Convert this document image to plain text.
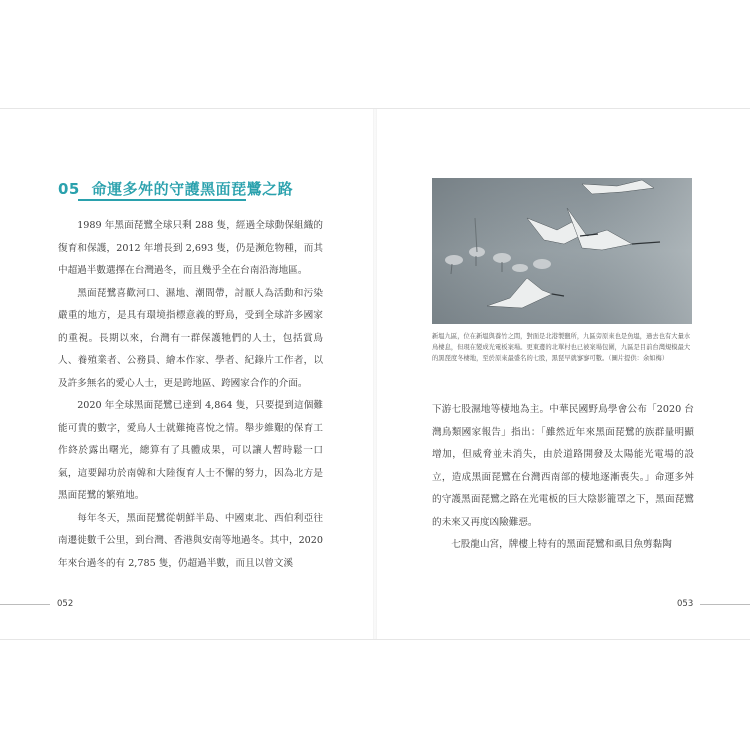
05 命運多舛的守護黑面琵鷺之路

1989 年黑面琵鷺全球只剩 288 隻，經過全球動保組織的復育和保護，2012 年增長到 2,693 隻，仍是瀕危物種，而其中超過半數選擇在台灣過冬，而且幾乎全在台南沿海地區。

黑面琵鷺喜歡河口、濕地、潮間帶，討厭人為活動和污染嚴重的地方，是具有環境指標意義的野鳥，受到全球許多國家的重視。長期以來，台灣有一群保護牠們的人士，包括賞鳥人、養殖業者、公務員、繪本作家、學者、紀錄片工作者，以及許多無名的愛心人士，更是跨地區、跨國家合作的介面。

2020 年全球黑面琵鷺已達到 4,864 隻，只要提到這個難能可貴的數字，愛鳥人士就難掩喜悅之情。舉步維艱的保育工作終於露出曙光，總算有了具體成果，可以讓人暫時鬆一口氣，這要歸功於南韓和大陸復育人士不懈的努力，因為北方是黑面琵鷺的繁殖地。

每年冬天，黑面琵鷺從朝鮮半島、中國東北、西伯利亞往南遷徙數千公里，到台灣、香港與安南等地過冬。其中，2020 年來台過冬的有 2,785 隻，仍超過半數，而且以曾文溪

新塭九區，位在新塭與養竹之間，對面是北港製鹽所，九區旁原來也是魚塭，過去也有大量水鳥棲息，但現在變成光電板案場。更東邊的北單村也已被案場包圍，九區是目前台灣規模最大的黑琵度冬棲地，至於原來最盛名的七股，黑琵早就寥寥可數。（圖片提供：余如梅）

下游七股濕地等棲地為主。中華民國野鳥學會公布「2020 台灣鳥類國家報告」指出：「雖然近年來黑面琵鷺的族群量明顯增加，但威脅並未消失，由於道路開發及太陽能光電場的設立，造成黑面琵鷺在台灣西南部的棲地逐漸喪失。」命運多舛的守護黑面琵鷺之路在光電板的巨大陰影籠罩之下，黑面琵鷺的未來又再度凶險難惡。

七股龍山宮，牌樓上特有的黑面琵鷺和虱目魚剪黏陶

052	053
